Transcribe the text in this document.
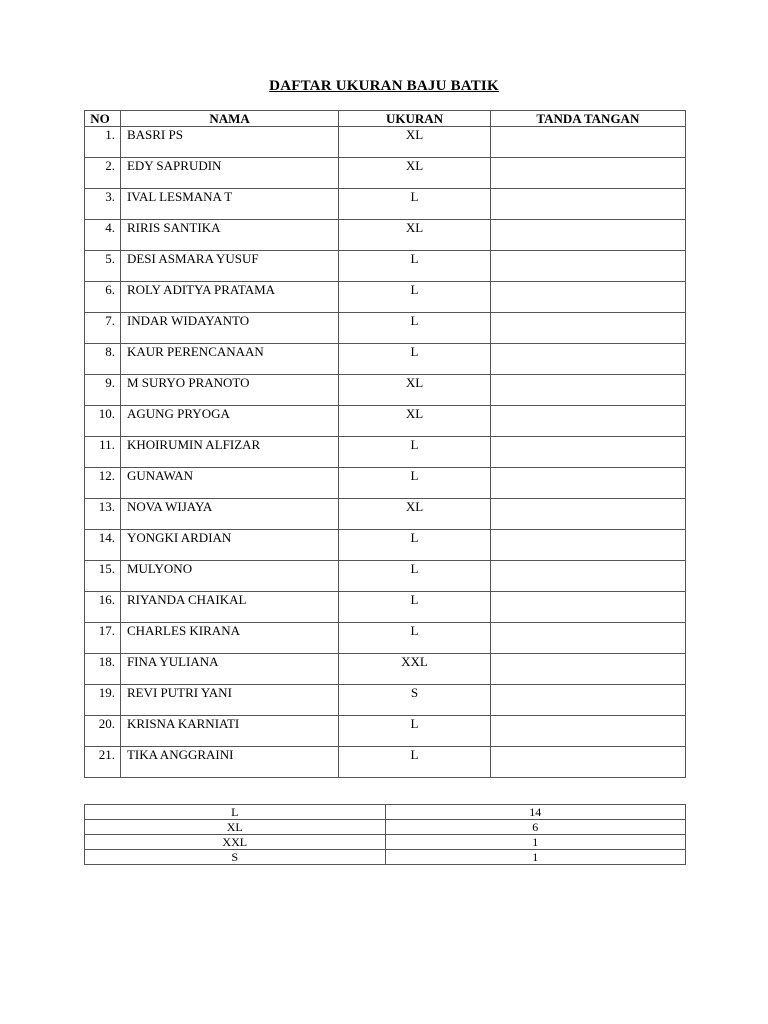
DAFTAR UKURAN BAJU BATIK
NO	NAMA	UKURAN	TANDA TANGAN
1.	BASRI PS	XL	
2.	EDY SAPRUDIN	XL	
3.	IVAL LESMANA T	L	
4.	RIRIS SANTIKA	XL	
5.	DESI ASMARA YUSUF	L	
6.	ROLY ADITYA PRATAMA	L	
7.	INDAR WIDAYANTO	L	
8.	KAUR PERENCANAAN	L	
9.	M SURYO PRANOTO	XL	
10.	AGUNG PRYOGA	XL	
11.	KHOIRUMIN ALFIZAR	L	
12.	GUNAWAN	L	
13.	NOVA WIJAYA	XL	
14.	YONGKI ARDIAN	L	
15.	MULYONO	L	
16.	RIYANDA CHAIKAL	L	
17.	CHARLES KIRANA	L	
18.	FINA YULIANA	XXL	
19.	REVI PUTRI YANI	S	
20.	KRISNA KARNIATI	L	
21.	TIKA ANGGRAINI	L	
L	14
XL	6
XXL	1
S	1
